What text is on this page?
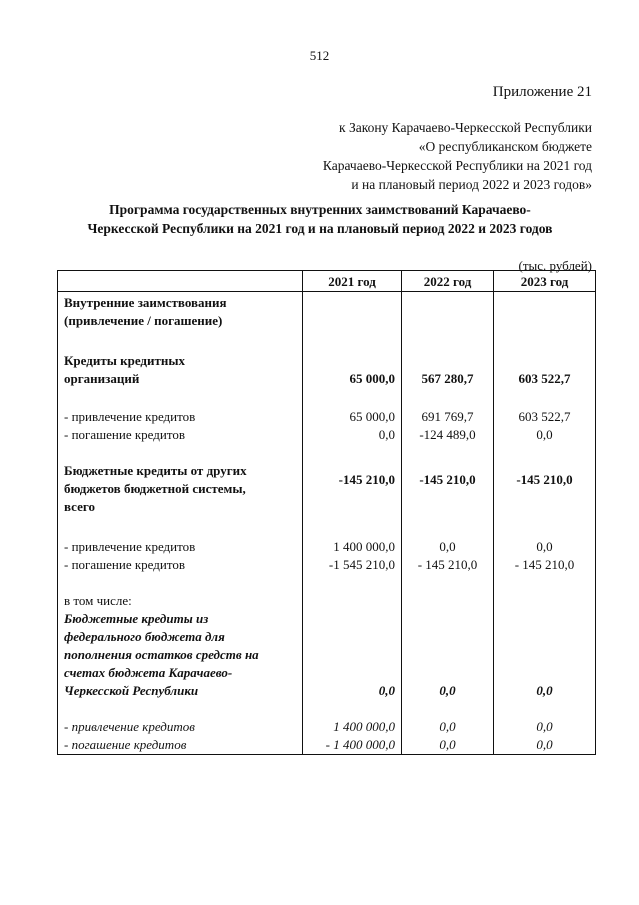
512
Приложение 21
к Закону Карачаево-Черкесской Республики
«О республиканском бюджете
Карачаево-Черкесской Республики на 2021 год
и на плановый период 2022 и 2023 годов»
Программа государственных внутренних заимствований Карачаево-
Черкесской Республики на 2021 год и на плановый период 2022 и 2023 годов
(тыс. рублей)
	2021 год	2022 год	2023 год

Внутренние заимствования
(привлечение / погашение)			

Кредиты кредитных
организаций	65 000,0	567 280,7	603 522,7
- привлечение кредитов	65 000,0	691 769,7	603 522,7
- погашение кредитов	0,0	-124 489,0	0,0

Бюджетные кредиты от других
бюджетов бюджетной системы,
всего	-145 210,0	-145 210,0	-145 210,0
- привлечение кредитов	1 400 000,0	0,0	0,0
- погашение кредитов	-1 545 210,0	- 145 210,0	- 145 210,0
в том числе:			

Бюджетные кредиты из
федерального бюджета для
пополнения остатков средств на
счетах бюджета Карачаево-
Черкесской Республики	0,0	0,0	0,0
- привлечение кредитов	1 400 000,0	0,0	0,0
- погашение кредитов	- 1 400 000,0	0,0	0,0
